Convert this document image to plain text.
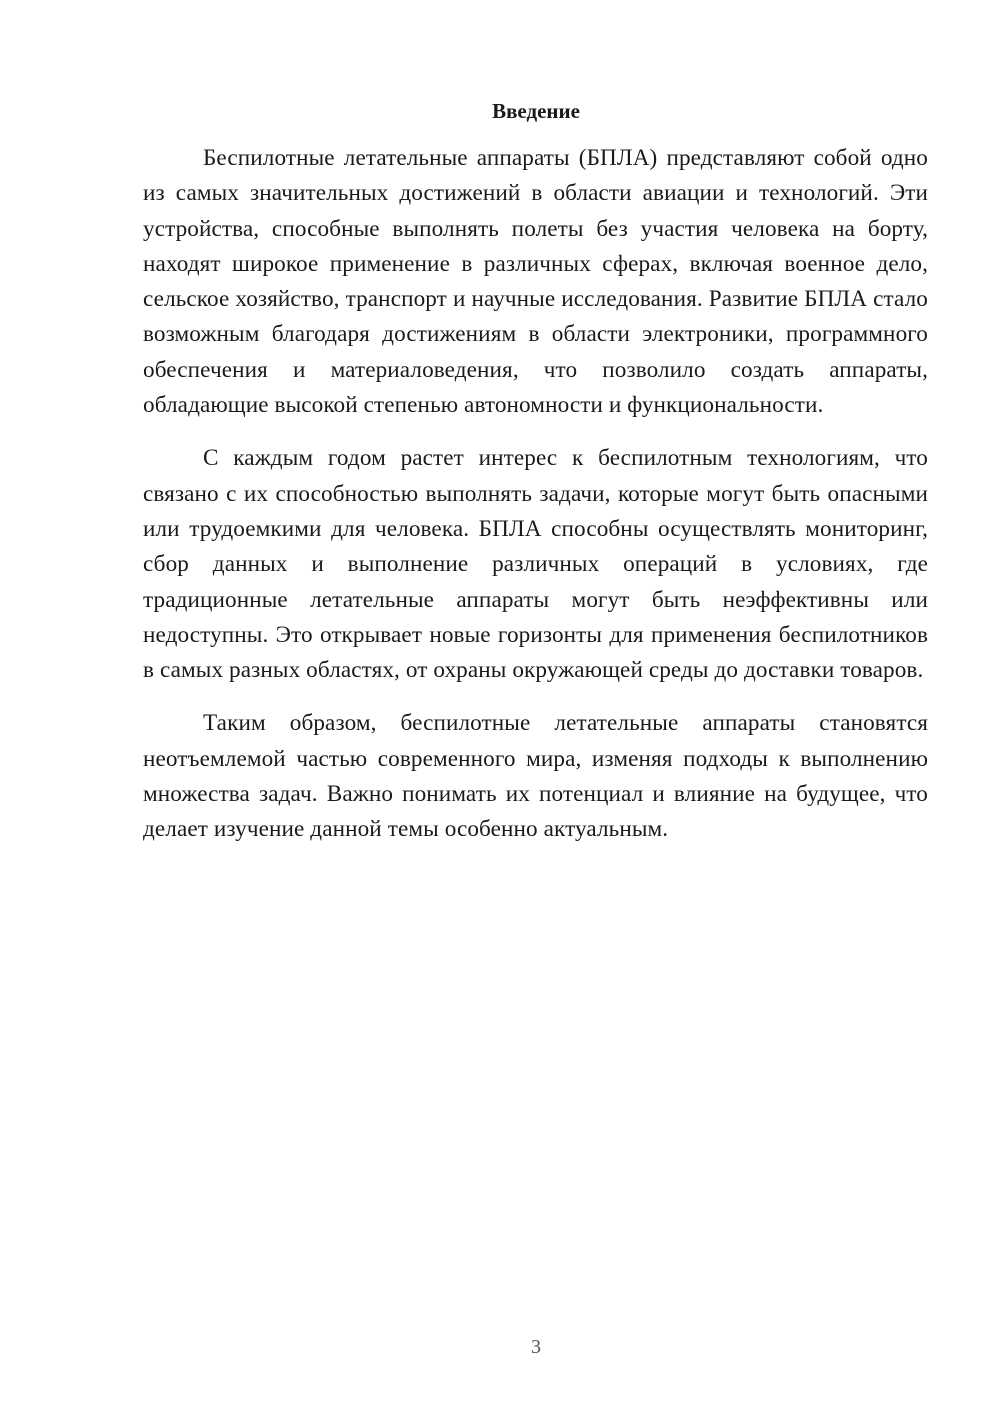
Введение

Беспилотные летательные аппараты (БПЛА) представляют собой одно из самых значительных достижений в области авиации и технологий. Эти устройства, способные выполнять полеты без участия человека на борту, находят широкое применение в различных сферах, включая военное дело, сельское хозяйство, транспорт и научные исследования. Развитие БПЛА стало возможным благодаря достижениям в области электроники, программного обеспечения и материаловедения, что позволило создать аппараты, обладающие высокой степенью автономности и функциональности.

С каждым годом растет интерес к беспилотным технологиям, что связано с их способностью выполнять задачи, которые могут быть опасными или трудоемкими для человека. БПЛА способны осуществлять мониторинг, сбор данных и выполнение различных операций в условиях, где традиционные летательные аппараты могут быть неэффективны или недоступны. Это открывает новые горизонты для применения беспилотников в самых разных областях, от охраны окружающей среды до доставки товаров.

Таким образом, беспилотные летательные аппараты становятся неотъемлемой частью современного мира, изменяя подходы к выполнению множества задач. Важно понимать их потенциал и влияние на будущее, что делает изучение данной темы особенно актуальным.

3
